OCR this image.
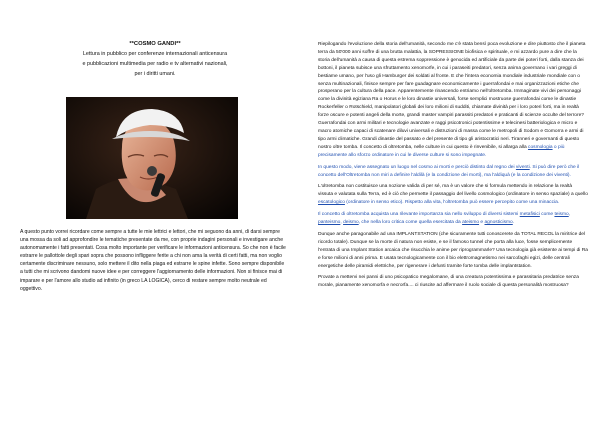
**COSMO GANDI**
Lettura in pubblico per conferenze internazionali anticensura
e pubblicazioni multimedia per radio e tv alternativi nazionali,
per i diritti umani.
A questo punto vorrei ricordare come sempre a tutte le mie lettrici e lettori, che mi seguono da anni, di darsi sempre una mossa da soli ad approfondire le tematiche presentate da me, con proprie indagini personali e investigare anche autonomamente i fatti presentati. Cosa molto importante per verificare le informazioni anticensura. So che non è facile estrarre le pallottole degli spari sopra che possono infliggere ferite a chi non ama la verità di certi fatti, ma non voglio certamente discriminare nessuno, solo mettere il dito nella piaga ed estrarre le spine infette. Sono sempre disponibile a tutti che mi scrivono dandomi nuove idee e per correggere l'aggiornamento delle informazioni. Non si finisce mai di imparare e per l'amore allo studio ad infinito (in greco LA LOGICA), cerco di restare sempre molto neutrale ed oggettivo.

Riepilogando l'evoluzione della storia dell'umanità, secondo me c'è stata bensì poca evoluzione e dire piuttosto che il pianeta terra da 50'000 anni soffre di una brutta malattia, la SOPRESSIONE biofisica e spirituale, e mi azzardo pure a dire che la storia dell'umanità a causa di questa estrema soppressione è genocida ed artificiale da parte dei poteri forti, dalla stanza dei bottoni, il pianeta subisce una sfruttamento xenomorfe, in cui i paraseiti predatori, senza anima governano i vari greggi di bestiame umano, per l'uso gli Hamburger dei soldati al fronte. E che l'intera economia mondiale industriale mondiale con o senza multinazionali, finisce sempre per fare guadagnare economicamente i guerrafondai e mai organizzazioni etiche che prosperano per la cultura della pace. Apparentemente rinascendo entriamo nell'oltretomba. Immaginate vivi dei personaggi come la divinità egiziana Ra o Horus e le loro dinastie universali, forse semplici mostruose guerrafondai come le dinastie Rockerfeller o Rotschield, manipolatori globali dei loro milioni di sudditi, chiamate divinità per i loro poteri forti, ma in realtà forze oscure e potenti angeli della morte, grandi master vampiri parassiti predatori e praticanti di scienze occulte del terrore? Guerrafondai con armi militari e tecnologie avanzate e raggi psicotronici potentissime e telecinesi batteriologica e micro e macro atomiche capaci di scatenare diluvi universali e distruzioni di massa come le metropoli di Sodom e Gomorra e armi di tipo armi climatiche. Grandi dinastie del passato e del presente di tipo gli aristocratici neri. Tiranneri e governanti di questo nostro oltre tomba. Il concetto di oltretomba, nelle culture in cui questo è rinvenibile, si allarga alla cosmologia o più precisamente allo sforzo ordinatore in cui le diverse culture si sono impegnate.

In questo modo, viene assegnato un luogo nel cosmo ai morti e perciò distinto dal regno dei viventi. Si può dire però che il concetto dell'Oltretomba non miri a definire l'aldilà (e la condizione dei morti), ma l'aldiquà (e la condizione dei viventi).

L'oltretomba non costituisce una nozione valida di per sé, ma è un valore che si formula mettendo in relazione la realtà vissuta e valutata sulla Terra, ed è ciò che permette il passaggio del livello cosmologico (ordinatore in senso spaziale) a quello escatologico (ordinatore in senso etico). Rispetto alla vita, l'oltretomba può essere percepito come una minaccia.

Il concetto di oltretomba acquista una rilevante importanza sia nello sviluppo di diversi sistemi metafisici come teismo, panteismo, deismo, che nella loro critica come quella esercitata da ateismo e agnosticismo.

Dunque anche paragonabile ad una IMPLANTSTATION (che sicuramente tutti conoscerete da TOTAL RECOL la miritrice del ricordo totale). Dunque se la morte di natura non esiste, e se il famoso tunnel che porta alla luce, fosse semplicemente l'entrata di una Implant Station arcaica che risucchia le anime per riprogrammarle? Una tecnologia già esistente ai tempi di Ra e forse milioni di anni prima. E usata tecnologicamente con il bio elettromagnetismo nei sarcofaghi egizi, delle centrali energetiche delle piramidi elettriche, per rigenerare i defunti tramite forte tomba delle implantstation.

Provate a mettervi nei panni di uno psicopatico megalomane, di una creatura potentissima e parassitaria predatrice senza morale, pianamente xenomorfa e necrorfa.... ci riuscite ad affermare il ruolo sociale di questa personalità mostruosa?
